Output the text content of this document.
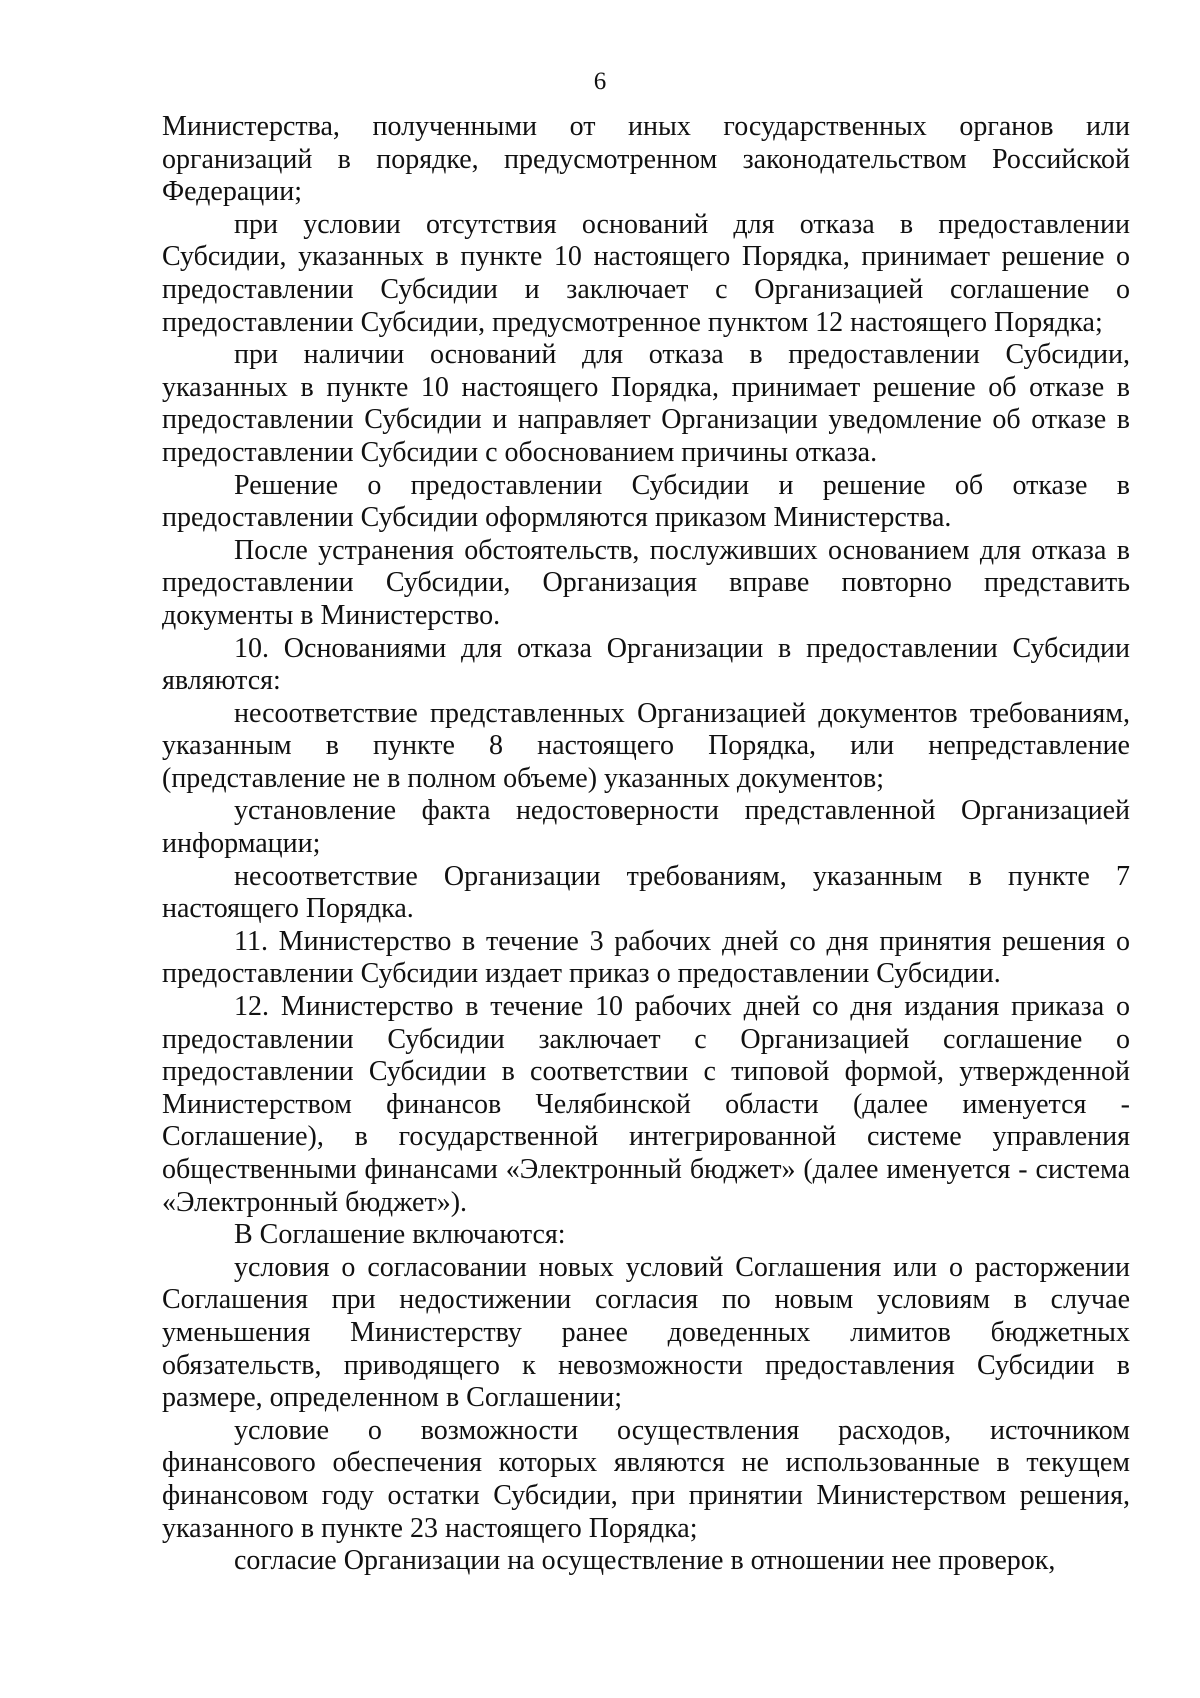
6

Министерства, полученными от иных государственных органов или организаций в порядке, предусмотренном законодательством Российской Федерации;

при условии отсутствия оснований для отказа в предоставлении Субсидии, указанных в пункте 10 настоящего Порядка, принимает решение о предоставлении Субсидии и заключает с Организацией соглашение о предоставлении Субсидии, предусмотренное пунктом 12 настоящего Порядка;

при наличии оснований для отказа в предоставлении Субсидии, указанных в пункте 10 настоящего Порядка, принимает решение об отказе в предоставлении Субсидии и направляет Организации уведомление об отказе в предоставлении Субсидии с обоснованием причины отказа.

Решение о предоставлении Субсидии и решение об отказе в предоставлении Субсидии оформляются приказом Министерства.

После устранения обстоятельств, послуживших основанием для отказа в предоставлении Субсидии, Организация вправе повторно представить документы в Министерство.

10. Основаниями для отказа Организации в предоставлении Субсидии являются:

несоответствие представленных Организацией документов требованиям, указанным в пункте 8 настоящего Порядка, или непредставление (представление не в полном объеме) указанных документов;

установление факта недостоверности представленной Организацией информации;

несоответствие Организации требованиям, указанным в пункте 7 настоящего Порядка.

11. Министерство в течение 3 рабочих дней со дня принятия решения о предоставлении Субсидии издает приказ о предоставлении Субсидии.

12. Министерство в течение 10 рабочих дней со дня издания приказа о предоставлении Субсидии заключает с Организацией соглашение о предоставлении Субсидии в соответствии с типовой формой, утвержденной Министерством финансов Челябинской области (далее именуется - Соглашение), в государственной интегрированной системе управления общественными финансами «Электронный бюджет» (далее именуется - система «Электронный бюджет»).

В Соглашение включаются:

условия о согласовании новых условий Соглашения или о расторжении Соглашения при недостижении согласия по новым условиям в случае уменьшения Министерству ранее доведенных лимитов бюджетных обязательств, приводящего к невозможности предоставления Субсидии в размере, определенном в Соглашении;

условие о возможности осуществления расходов, источником финансового обеспечения которых являются не использованные в текущем финансовом году остатки Субсидии, при принятии Министерством решения, указанного в пункте 23 настоящего Порядка;

согласие Организации на осуществление в отношении нее проверок,
